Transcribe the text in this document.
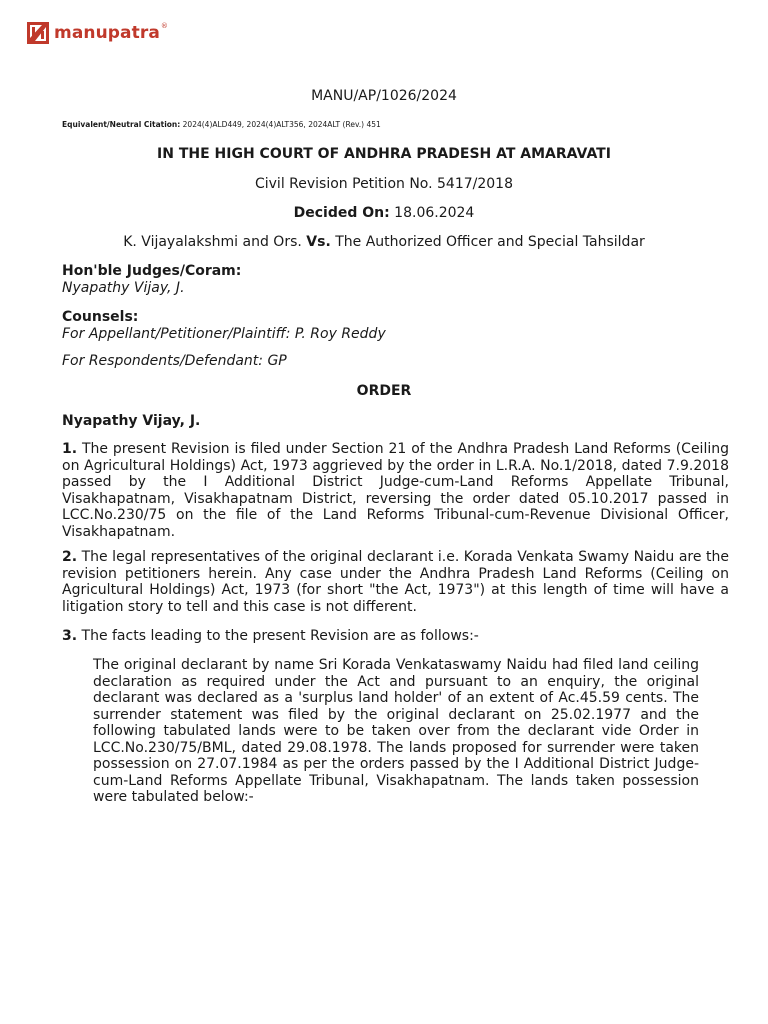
manupatra ®
MANU/AP/1026/2024
Equivalent/Neutral Citation: 2024(4)ALD449, 2024(4)ALT356, 2024ALT (Rev.) 451
IN THE HIGH COURT OF ANDHRA PRADESH AT AMARAVATI
Civil Revision Petition No. 5417/2018
Decided On: 18.06.2024
K. Vijayalakshmi and Ors. Vs. The Authorized Officer and Special Tahsildar
Hon'ble Judges/Coram:
Nyapathy Vijay, J.
Counsels:
For Appellant/Petitioner/Plaintiff: P. Roy Reddy
For Respondents/Defendant: GP
ORDER
Nyapathy Vijay, J.
1. The present Revision is filed under Section 21 of the Andhra Pradesh Land Reforms (Ceiling on Agricultural Holdings) Act, 1973 aggrieved by the order in L.R.A. No.1/2018, dated 7.9.2018 passed by the I Additional District Judge-cum-Land Reforms Appellate Tribunal, Visakhapatnam, Visakhapatnam District, reversing the order dated 05.10.2017 passed in LCC.No.230/75 on the file of the Land Reforms Tribunal-cum-Revenue Divisional Officer, Visakhapatnam.
2. The legal representatives of the original declarant i.e. Korada Venkata Swamy Naidu are the revision petitioners herein. Any case under the Andhra Pradesh Land Reforms (Ceiling on Agricultural Holdings) Act, 1973 (for short "the Act, 1973") at this length of time will have a litigation story to tell and this case is not different.
3. The facts leading to the present Revision are as follows:-
The original declarant by name Sri Korada Venkataswamy Naidu had filed land ceiling declaration as required under the Act and pursuant to an enquiry, the original declarant was declared as a 'surplus land holder' of an extent of Ac.45.59 cents. The surrender statement was filed by the original declarant on 25.02.1977 and the following tabulated lands were to be taken over from the declarant vide Order in LCC.No.230/75/BML, dated 29.08.1978. The lands proposed for surrender were taken possession on 27.07.1984 as per the orders passed by the I Additional District Judge-cum-Land Reforms Appellate Tribunal, Visakhapatnam. The lands taken possession were tabulated below:-
